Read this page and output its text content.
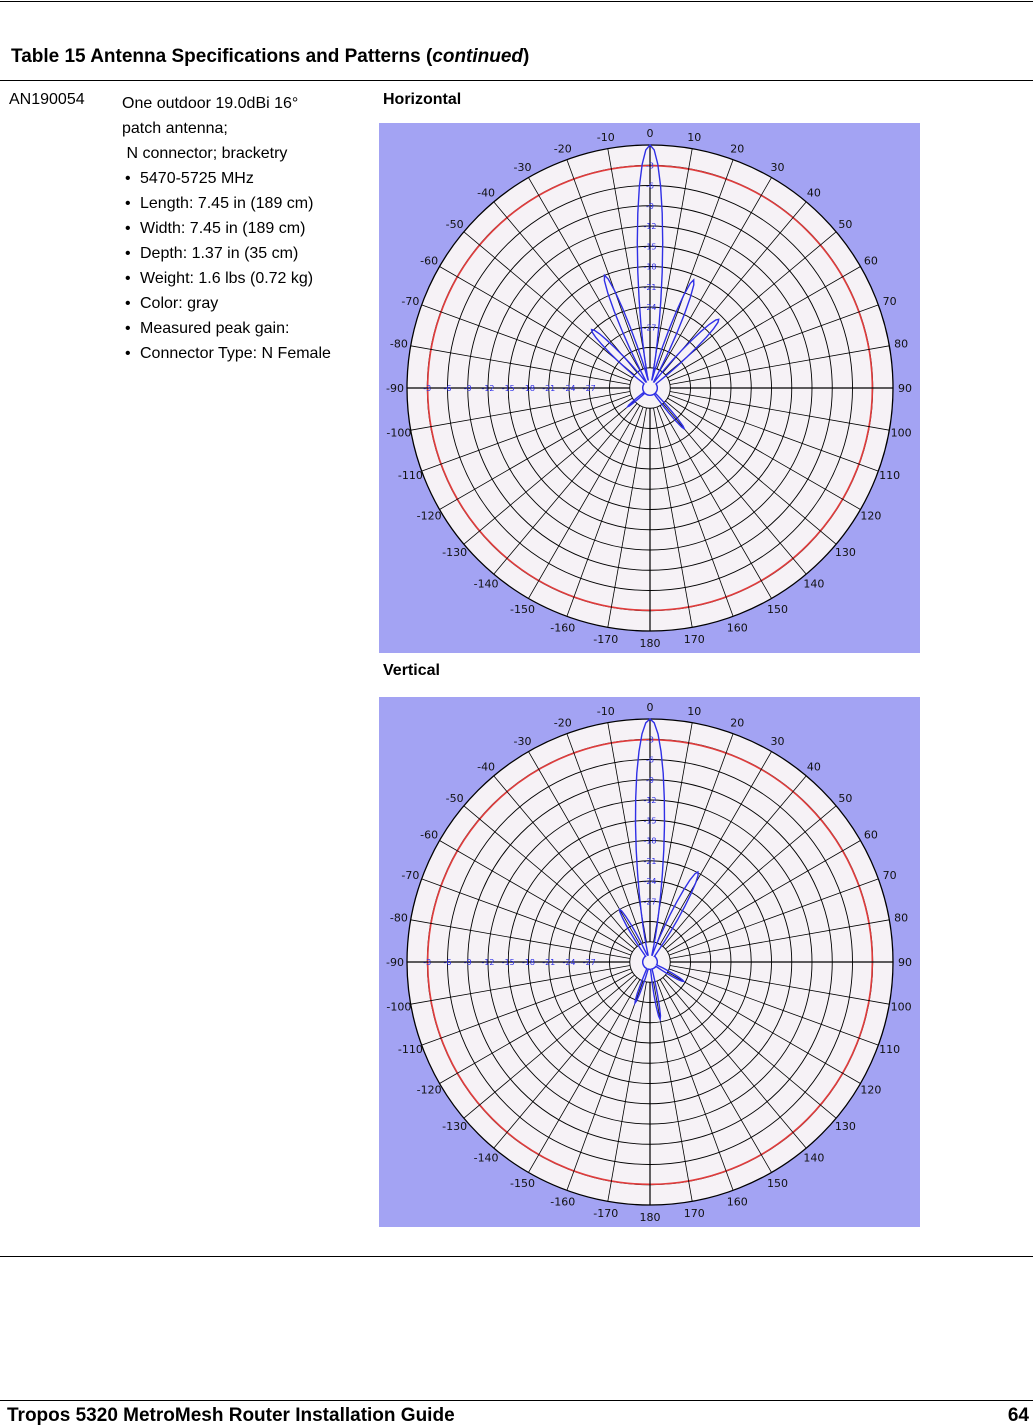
Table 15 Antenna Specifications and Patterns (continued)
AN190054 One outdoor 19.0dBi 16°
patch antenna;
N connector; bracketry
• 5470-5725 MHz
• Length: 7.45 in (189 cm)
• Width: 7.45 in (189 cm)
• Depth: 1.37 in (35 cm)
• Weight: 1.6 lbs (0.72 kg)
• Color: gray
• Measured peak gain:
• Connector Type: N Female
Horizontal
0	10
20
30
40
50
60
70
80
90
100
110
120
130
140
150
160
170
180
-170
-160
-150
-140
-130
-120
-110
-100
-90
-80
-70
-60
-50
-40
-30
-20
-10
-3
-3
-6
-6
-9
-9
-12
-12
-15
-15
-18
-18
-21
-21
-24
-24
-27
-27
Vertical
0	10
20
30
40
50
60
70
80
90
100
110
120
130
140
150
160
170
180
-170
-160
-150
-140
-130
-120
-110
-100
-90
-80
-70
-60
-50
-40
-30
-20
-10
-3
-3
-6
-6
-9
-9
-12
-12
-15
-15
-18
-18
-21
-21
-24
-24
-27
-27
Tropos 5320 MetroMesh Router Installation Guide	64
